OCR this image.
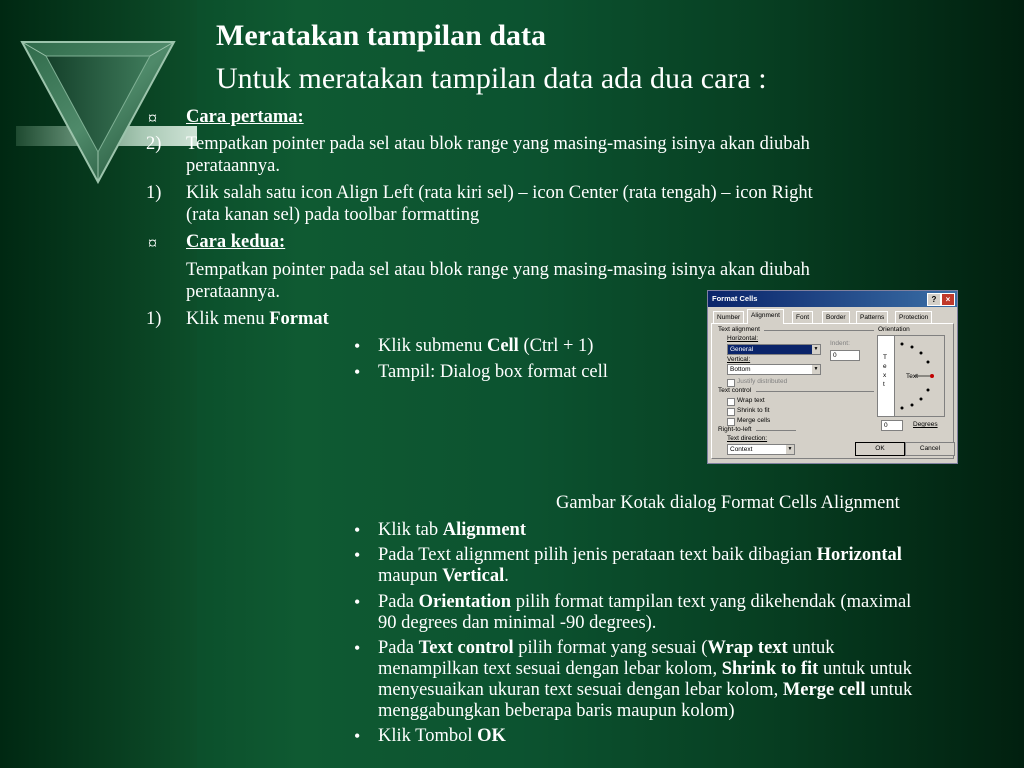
Meratakan tampilan data
Untuk meratakan tampilan data ada dua cara :
¤ Cara pertama:
2) Tempatkan pointer pada sel atau blok range yang masing-masing isinya akan diubah
perataannya.
1) Klik salah satu icon Align Left (rata kiri sel) – icon Center (rata tengah) – icon Right
(rata kanan sel) pada toolbar formatting
¤ Cara kedua:
Tempatkan pointer pada sel atau blok range yang masing-masing isinya akan diubah
perataannya.
1) Klik menu Format
• Klik submenu Cell (Ctrl + 1)
• Tampil: Dialog box format cell
Format Cells	?	×
Number	Alignment	Font	Border	Patterns	Protection
Text alignment
Horizontal:
General	▼
Indent:
0
Vertical:
Bottom	▼
Justify distributed
Text control
Wrap text
Shrink to fit
Merge cells
Right-to-left
Text direction:
Context	▼
Orientation
T
e
x
t
Text
0	Degrees
OK	Cancel
Gambar Kotak dialog Format Cells Alignment
• Klik tab Alignment
• Pada Text alignment pilih jenis perataan text baik dibagian Horizontal
maupun Vertical.
• Pada Orientation pilih format tampilan text yang dikehendak (maximal
90 degrees dan minimal -90 degrees).
• Pada Text control pilih format yang sesuai (Wrap text untuk
menampilkan text sesuai dengan lebar kolom, Shrink to fit untuk untuk
menyesuaikan ukuran text sesuai dengan lebar kolom, Merge cell untuk
menggabungkan beberapa baris maupun kolom)
• Klik Tombol OK
